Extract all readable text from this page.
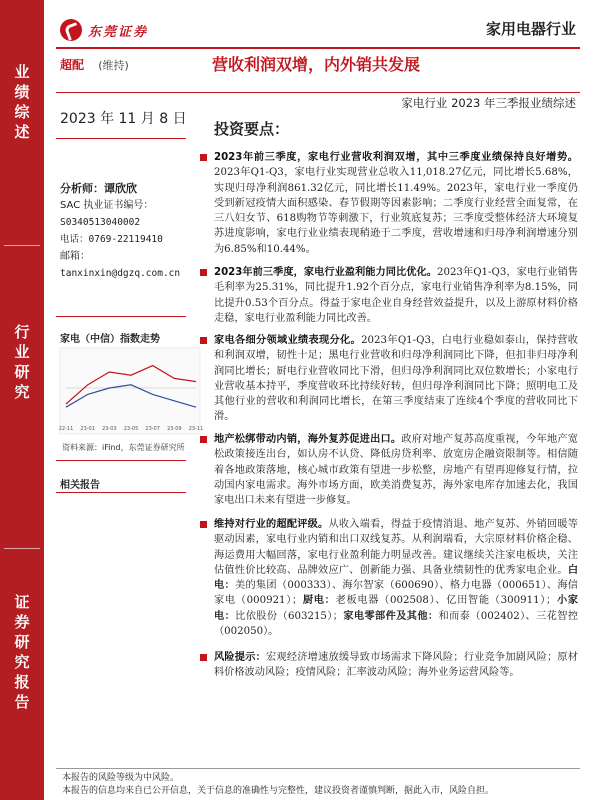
业绩综述
行业研究
证券研究报告
东莞证券	家用电器行业
超配 (维持)	营收利润双增，内外销共发展
家电行业 2023 年三季报业绩综述
2023 年 11 月 8 日
分析师：谭欣欣
SAC 执业证书编号：
S0340513040002
电话：0769-22119410
邮箱：
tanxinxin@dgzq.com.cn
家电（中信）指数走势
22-11 23-01 23-03 23-05 23-07 23-09 23-11
资料来源：iFind，东莞证券研究所
相关报告
投资要点：
2023年前三季度，家电行业营收利润双增，其中三季度业绩保持良好增势。2023年Q1-Q3，家电行业实现营业总收入11,018.27亿元，同比增长5.68%，实现归母净利润861.32亿元，同比增长11.49%。2023年，家电行业一季度仍受到新冠疫情大面积感染、春节假期等因素影响；二季度行业经营全面复常，在三八妇女节、618购物节等刺激下，行业筑底复苏；三季度受整体经济大环境复苏进度影响，家电行业业绩表现稍逊于二季度，营收增速和归母净利润增速分别为6.85%和10.44%。
2023年前三季度，家电行业盈利能力同比优化。2023年Q1-Q3，家电行业销售毛利率为25.31%，同比提升1.92个百分点，家电行业销售净利率为8.15%，同比提升0.53个百分点。得益于家电企业自身经营效益提升，以及上游原材料价格走稳，家电行业盈利能力同比改善。
家电各细分领域业绩表现分化。2023年Q1-Q3，白电行业稳如泰山，保持营收和利润双增，韧性十足；黑电行业营收和归母净利润同比下降，但扣非归母净利润同比增长；厨电行业营收同比下滑，但归母净利润同比双位数增长；小家电行业营收基本持平，季度营收环比持续好转，但归母净利润同比下降；照明电工及其他行业的营收和利润同比增长，在第三季度结束了连续4个季度的营收同比下滑。
地产松绑带动内销，海外复苏促进出口。政府对地产复苏高度重视，今年地产宽松政策接连出台，如认房不认贷、降低房贷利率、放宽房企融资限制等。相信随着各地政策落地，核心城市政策有望进一步松整，房地产有望再迎修复行情，拉动国内家电需求。海外市场方面，欧美消费复苏，海外家电库存加速去化，我国家电出口未来有望进一步修复。
维持对行业的超配评级。从收入端看，得益于疫情消退、地产复苏、外销回暖等驱动因素，家电行业内销和出口双线复苏。从利润端看，大宗原材料价格企稳、海运费用大幅回落，家电行业盈利能力明显改善。建议继续关注家电板块，关注估值性价比较高、品牌效应广、创新能力强、具备业绩韧性的优秀家电企业。白电：美的集团（000333）、海尔智家（600690）、格力电器（000651）、海信家电（000921）；厨电：老板电器（002508）、亿田智能（300911）；小家电：比依股份（603215）；家电零部件及其他：和而泰（002402）、三花智控（002050）。
风险提示：宏观经济增速放缓导致市场需求下降风险；行业竞争加剧风险；原材料价格波动风险；疫情风险；汇率波动风险；海外业务运营风险等。
本报告的风险等级为中风险。
本报告的信息均来自已公开信息，关于信息的准确性与完整性，建议投资者谨慎判断，据此入市，风险自担。
